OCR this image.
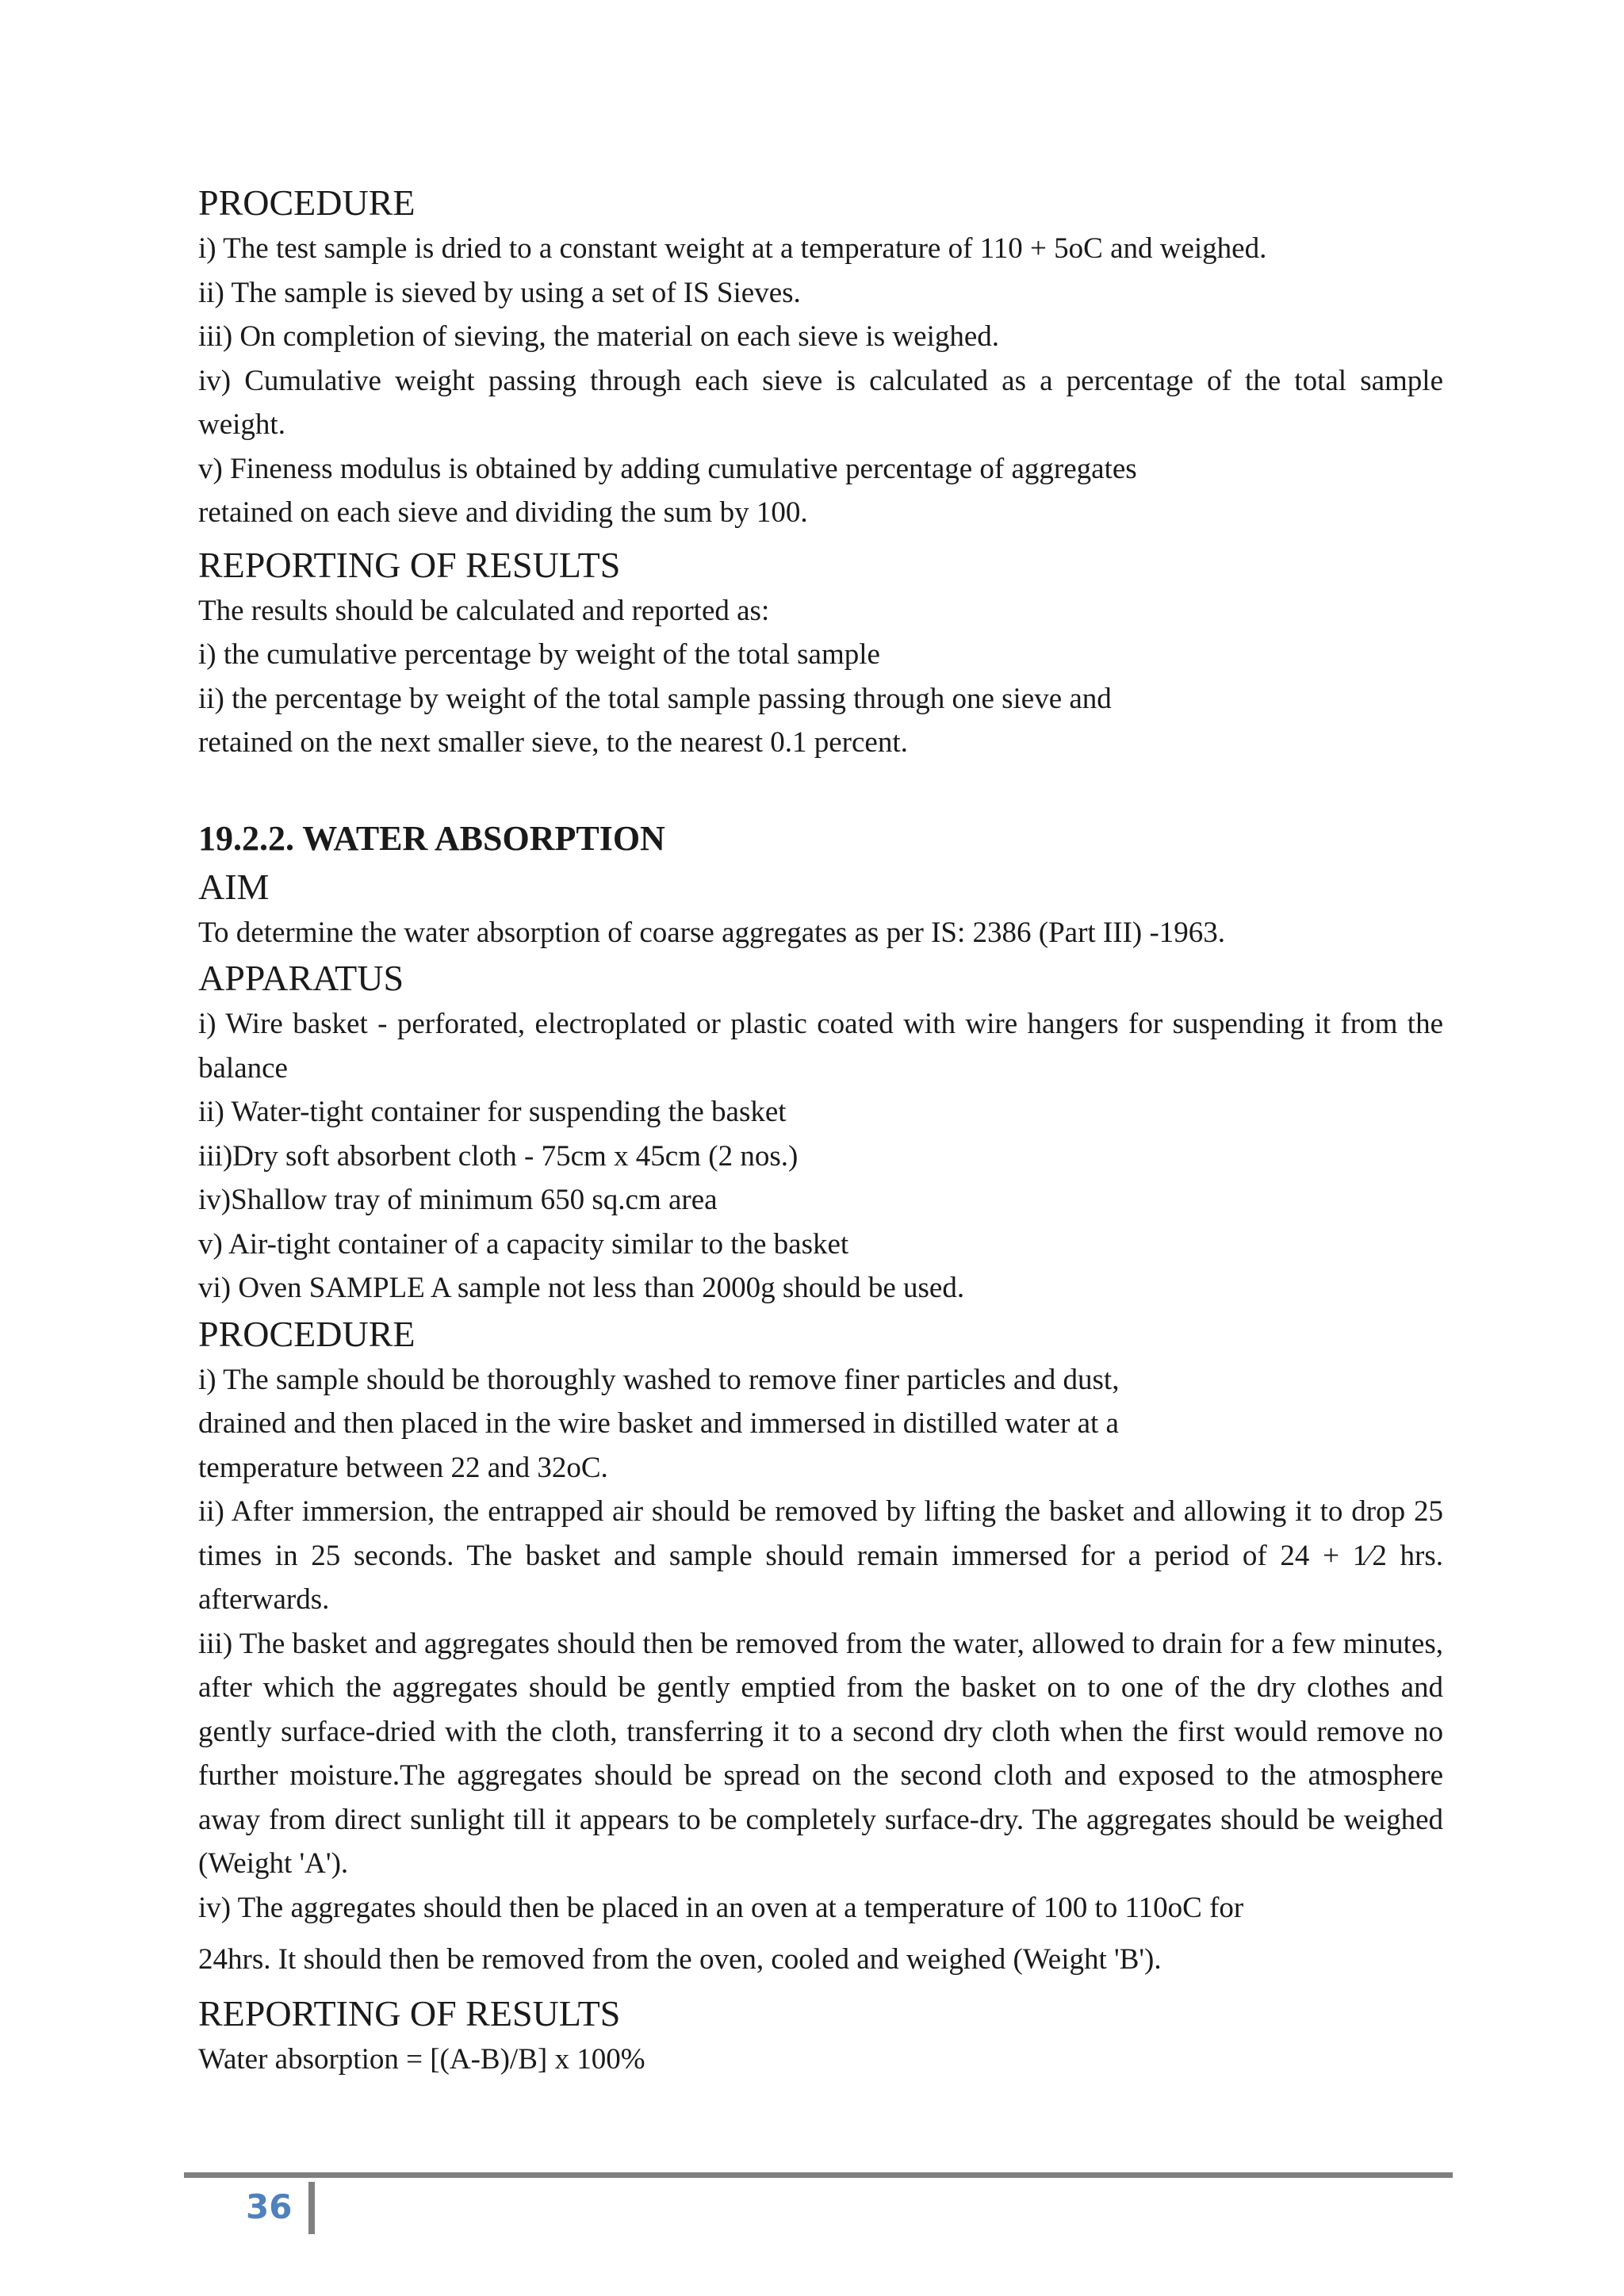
PROCEDURE

i) The test sample is dried to a constant weight at a temperature of 110 + 5oC and weighed.

ii) The sample is sieved by using a set of IS Sieves.

iii) On completion of sieving, the material on each sieve is weighed.

iv) Cumulative weight passing through each sieve is calculated as a percentage of the total sample weight.

v) Fineness modulus is obtained by adding cumulative percentage of aggregates

retained on each sieve and dividing the sum by 100.

REPORTING OF RESULTS

The results should be calculated and reported as:

i) the cumulative percentage by weight of the total sample

ii) the percentage by weight of the total sample passing through one sieve and

retained on the next smaller sieve, to the nearest 0.1 percent.

19.2.2. WATER ABSORPTION
AIM

To determine the water absorption of coarse aggregates as per IS: 2386 (Part III) -1963.

APPARATUS

i) Wire basket - perforated, electroplated or plastic coated with wire hangers for suspending it from the balance

ii) Water-tight container for suspending the basket

iii)Dry soft absorbent cloth - 75cm x 45cm (2 nos.)

iv)Shallow tray of minimum 650 sq.cm area

v) Air-tight container of a capacity similar to the basket

vi) Oven SAMPLE A sample not less than 2000g should be used.

PROCEDURE

i) The sample should be thoroughly washed to remove finer particles and dust,

drained and then placed in the wire basket and immersed in distilled water at a

temperature between 22 and 32oC.

ii) After immersion, the entrapped air should be removed by lifting the basket and allowing it to drop 25 times in 25 seconds. The basket and sample should remain immersed for a period of 24 + 1⁄2 hrs. afterwards.

iii) The basket and aggregates should then be removed from the water, allowed to drain for a few minutes, after which the aggregates should be gently emptied from the basket on to one of the dry clothes and gently surface-dried with the cloth, transferring it to a second dry cloth when the first would remove no further moisture.The aggregates should be spread on the second cloth and exposed to the atmosphere away from direct sunlight till it appears to be completely surface-dry. The aggregates should be weighed (Weight 'A').

iv) The aggregates should then be placed in an oven at a temperature of 100 to 110oC for

24hrs. It should then be removed from the oven, cooled and weighed (Weight 'B').

REPORTING OF RESULTS

Water absorption = [(A-B)/B] x 100%

36
